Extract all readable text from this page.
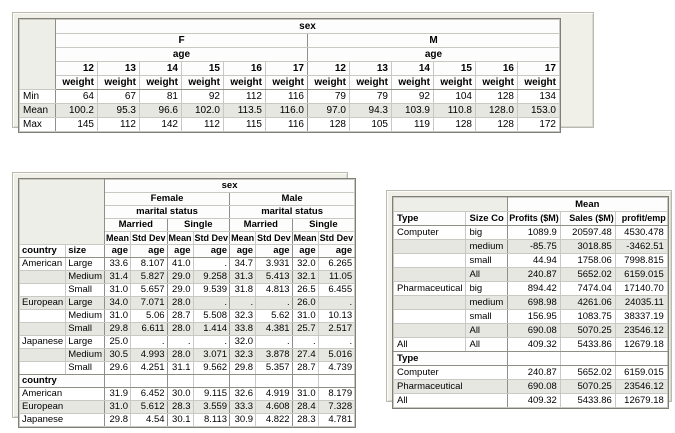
	sex											
	F						M					
	age						age					
	12	13	14	15	16	17	12	13	14	15	16	17
	weight	weight	weight	weight	weight	weight	weight	weight	weight	weight	weight	weight
Min	64	67	81	92	112	116	79	79	92	104	128	134
Mean	100.2	95.3	96.6	102.0	113.5	116.0	97.0	94.3	103.9	110.8	128.0	153.0
Max	145	112	142	112	115	116	128	105	119	128	128	172
		sex							
		Female				Male			
		marital status				marital status			
		Married		Single		Married		Single	
		Mean	Std Dev	Mean	Std Dev	Mean	Std Dev	Mean	Std Dev
country	size	age	age	age	age	age	age	age	age
American	Large	33.6	8.107	41.0	.	34.7	3.931	32.0	6.265
	Medium	31.4	5.827	29.0	9.258	31.3	5.413	32.1	11.05
	Small	31.0	5.657	29.0	9.539	31.8	4.813	26.5	6.455
European	Large	34.0	7.071	28.0	.	.	.	26.0	.
	Medium	31.0	5.06	28.7	5.508	32.3	5.62	31.0	10.13
	Small	29.8	6.611	28.0	1.414	33.8	4.381	25.7	2.517
Japanese	Large	25.0	.	.	.	32.0	.	.	.
	Medium	30.5	4.993	28.0	3.071	32.3	3.878	27.4	5.016
	Small	29.6	4.251	31.1	9.562	29.8	5.357	28.7	4.739
country									
American		31.9	6.452	30.0	9.115	32.6	4.919	31.0	8.179
European		31.0	5.612	28.3	3.559	33.3	4.608	28.4	7.328
Japanese		29.8	4.54	30.1	8.113	30.9	4.822	28.3	4.781
		Mean		
Type	Size Co	Profits ($M)	Sales ($M)	profit/emp
Computer	big	1089.9	20597.48	4530.478
	medium	-85.75	3018.85	-3462.51
	small	44.94	1758.06	7998.815
	All	240.87	5652.02	6159.015
Pharmaceutical	big	894.42	7474.04	17140.70
	medium	698.98	4261.06	24035.11
	small	156.95	1083.75	38337.19
	All	690.08	5070.25	23546.12
All	All	409.32	5433.86	12679.18
Type				
Computer		240.87	5652.02	6159.015
Pharmaceutical		690.08	5070.25	23546.12
All		409.32	5433.86	12679.18
